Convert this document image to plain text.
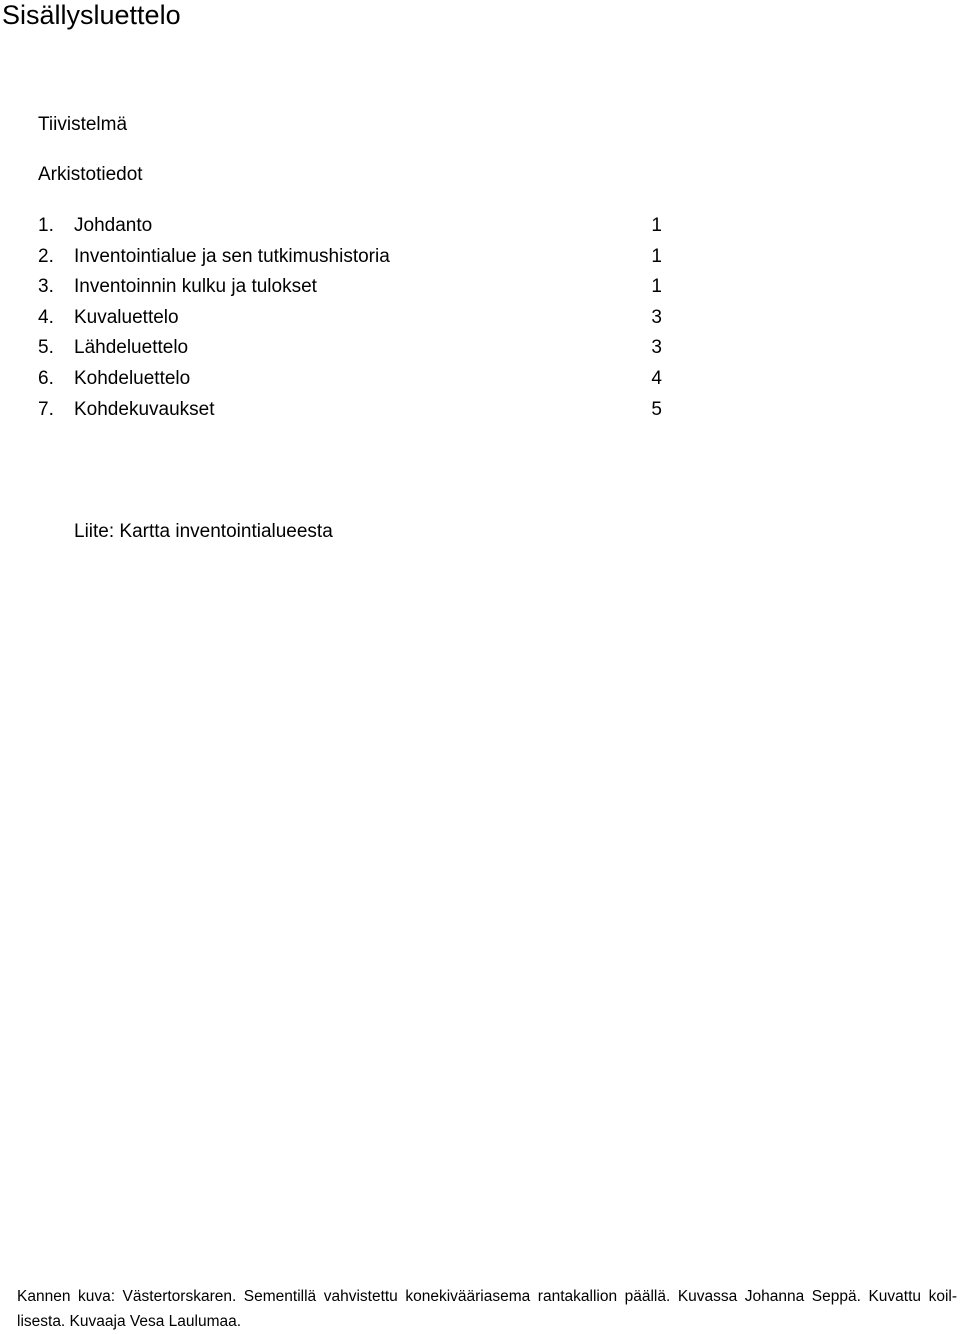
Sisällysluettelo
Tiivistelmä
Arkistotiedot
1. Johdanto	1
2. Inventointialue ja sen tutkimushistoria	1
3. Inventoinnin kulku ja tulokset	1
4. Kuvaluettelo	3
5. Lähdeluettelo	3
6. Kohdeluettelo	4
7. Kohdekuvaukset	5
Liite: Kartta inventointialueesta
Kannen kuva: Västertorskaren. Sementillä vahvistettu konekivääriasema rantakallion päällä. Kuvassa Johanna Seppä. Kuvattu koil-lisesta. Kuvaaja Vesa Laulumaa.
